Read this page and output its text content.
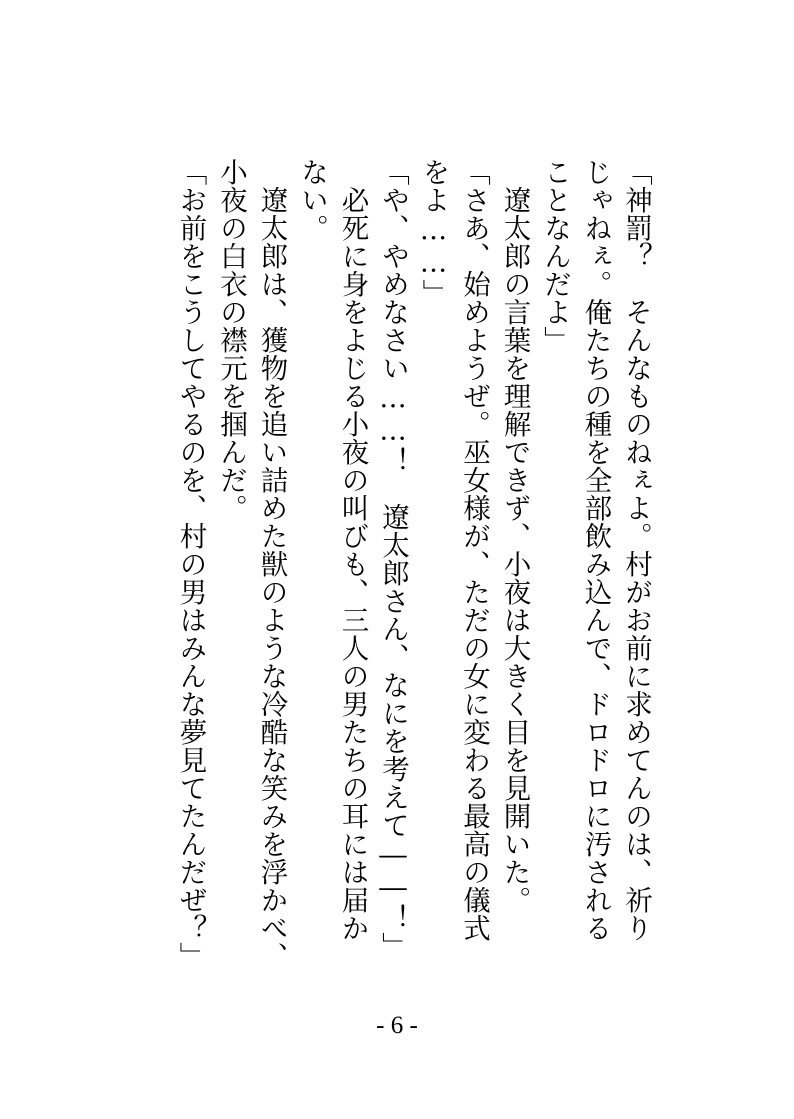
「神罰？　そんなものねぇよ。村がお前に求めてんのは、祈り
じゃねぇ。俺たちの種を全部飲み込んで、ドロドロに汚される
ことなんだよ」
　遼太郎の言葉を理解できず、小夜は大きく目を見開いた。
「さあ、始めようぜ。巫女様が、ただの女に変わる最高の儀式
をよ……」
「や、やめなさい……！　遼太郎さん、なにを考えて――！」
　必死に身をよじる小夜の叫びも、三人の男たちの耳には届か
ない。
　遼太郎は、獲物を追い詰めた獣のような冷酷な笑みを浮かべ、
小夜の白衣の襟元を掴んだ。
「お前をこうしてやるのを、村の男はみんな夢見てたんだぜ？」
- 6 -
